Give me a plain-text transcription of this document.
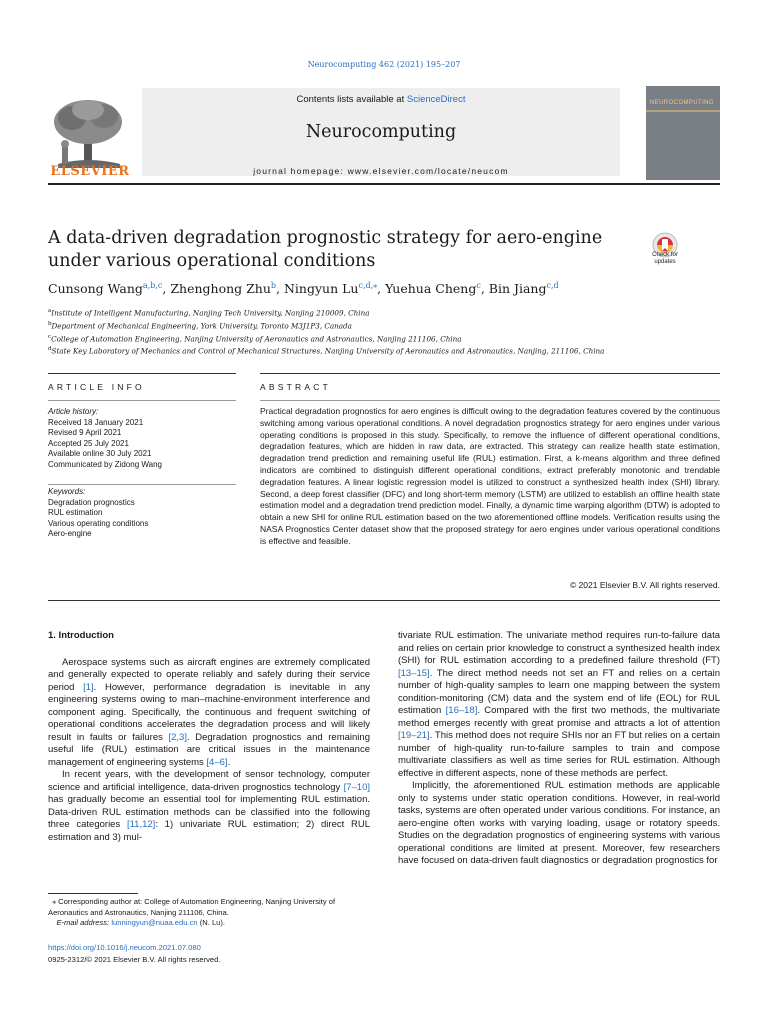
Neurocomputing 462 (2021) 195–207
ELSEVIER
Contents lists available at ScienceDirect
Neurocomputing
journal homepage: www.elsevier.com/locate/neucom
NEUROCOMPUTING
A data-driven degradation prognostic strategy for aero-engine under various operational conditions	Check for
updates
Cunsong Wang$^{a,b,c}$, Zhenghong Zhu$^b$, Ningyun $Lu^{c,d,⁎}$, Yuehua Cheng$^c$, Bin Jiang$^{c,d}$
$^a$Institute of Intelligent Manufacturing, Nanjing Tech University, Nanjing 210009, China
$^b$Department of Mechanical Engineering, York University, Toronto M3J1P3, Canada
$^c$College of Automation Engineering, Nanjing University of Aeronautics and Astronautics, Nanjing 211106, China
$^d$State Key Laboratory of Mechanics and Control of Mechanical Structures, Nanjing University of Aeronautics and Astronautics, Nanjing, 211106, China
ARTICLE INFO	ABSTRACT
Article history:
Received 18 January 2021
Revised 9 April 2021
Accepted 25 July 2021
Available online 30 July 2021
Communicated by Zidong Wang
Keywords:
Degradation prognostics
RUL estimation
Various operating conditions
Aero-engine
Practical degradation prognostics for aero engines is difficult owing to the degradation features covered by the continuous switching among various operational conditions. A novel degradation prognostics strategy for aero engines under various operating conditions is proposed in this study. Specifically, to remove the influence of different operational conditions, degradation features, which are hidden in raw data, are extracted. This strategy can realize health state estimation, degradation trend prediction and remaining useful life (RUL) estimation. First, a k-means algorithm and three defined indicators are combined to distinguish different operational conditions, extract preferably monotonic and trendable degradation features. A linear logistic regression model is utilized to construct a synthesized health index (SHI) library. Second, a deep forest classifier (DFC) and long short-term memory (LSTM) are utilized to establish an offline health state estimation model and a degradation trend prediction model. Finally, a dynamic time warping algorithm (DTW) is adopted to obtain a new SHI for online RUL estimation based on the two aforementioned offline models. Verification results using the NASA Prognostics Center dataset show that the proposed strategy for aero engines under various operational conditions is effective and feasible.
© 2021 Elsevier B.V. All rights reserved.
1. Introduction

Aerospace systems such as aircraft engines are extremely complicated and generally expected to operate reliably and safely during their service period [1]. However, performance degradation is inevitable in any engineering systems owing to man–machine-environment interference and component aging. Specifically, the continuous and frequent switching of operational conditions accelerates the degradation process and will likely result in faults or failures [2,3]. Degradation prognostics and remaining useful life (RUL) estimation are critical issues in the maintenance management of engineering systems [4–6].

In recent years, with the development of sensor technology, computer science and artificial intelligence, data-driven prognostics technology [7–10] has gradually become an essential tool for implementing RUL estimation. Data-driven RUL estimation methods can be classified into the following three categories [11,12]: 1) univariate RUL estimation; 2) direct RUL estimation and 3) mul-

tivariate RUL estimation. The univariate method requires run-to-failure data and relies on certain prior knowledge to construct a synthesized health index (SHI) for RUL estimation according to a predefined failure threshold (FT) [13–15]. The direct method needs not set an FT and relies on a certain number of high-quality samples to learn one mapping between the system condition-monitoring (CM) data and the system end of life (EOL) for RUL estimation [16–18]. Compared with the first two methods, the multivariate method emerges recently with great promise and attracts a lot of attention [19–21]. This method does not require SHIs nor an FT but relies on a certain number of high-quality run-to-failure samples to train and compose multivariate classifiers as well as time series for RUL estimation. Although effective in different aspects, none of these methods are perfect.

Implicitly, the aforementioned RUL estimation methods are applicable only to systems under static operation conditions. However, in real-world tasks, systems are often operated under various conditions. For instance, an aero-engine often works with varying loading, usage or rotatory speeds. Studies on the degradation prognostics of engineering systems with various operational conditions are limited at present. Moreover, few researchers have focused on data-driven fault diagnostics or degradation prognostics for

⁎ Corresponding author at: College of Automation Engineering, Nanjing University of Aeronautics and Astronautics, Nanjing 211106, China.
E-mail address: lunningyun@nuaa.edu.cn (N. Lu).
https://doi.org/10.1016/j.neucom.2021.07.080
0925-2312/© 2021 Elsevier B.V. All rights reserved.
